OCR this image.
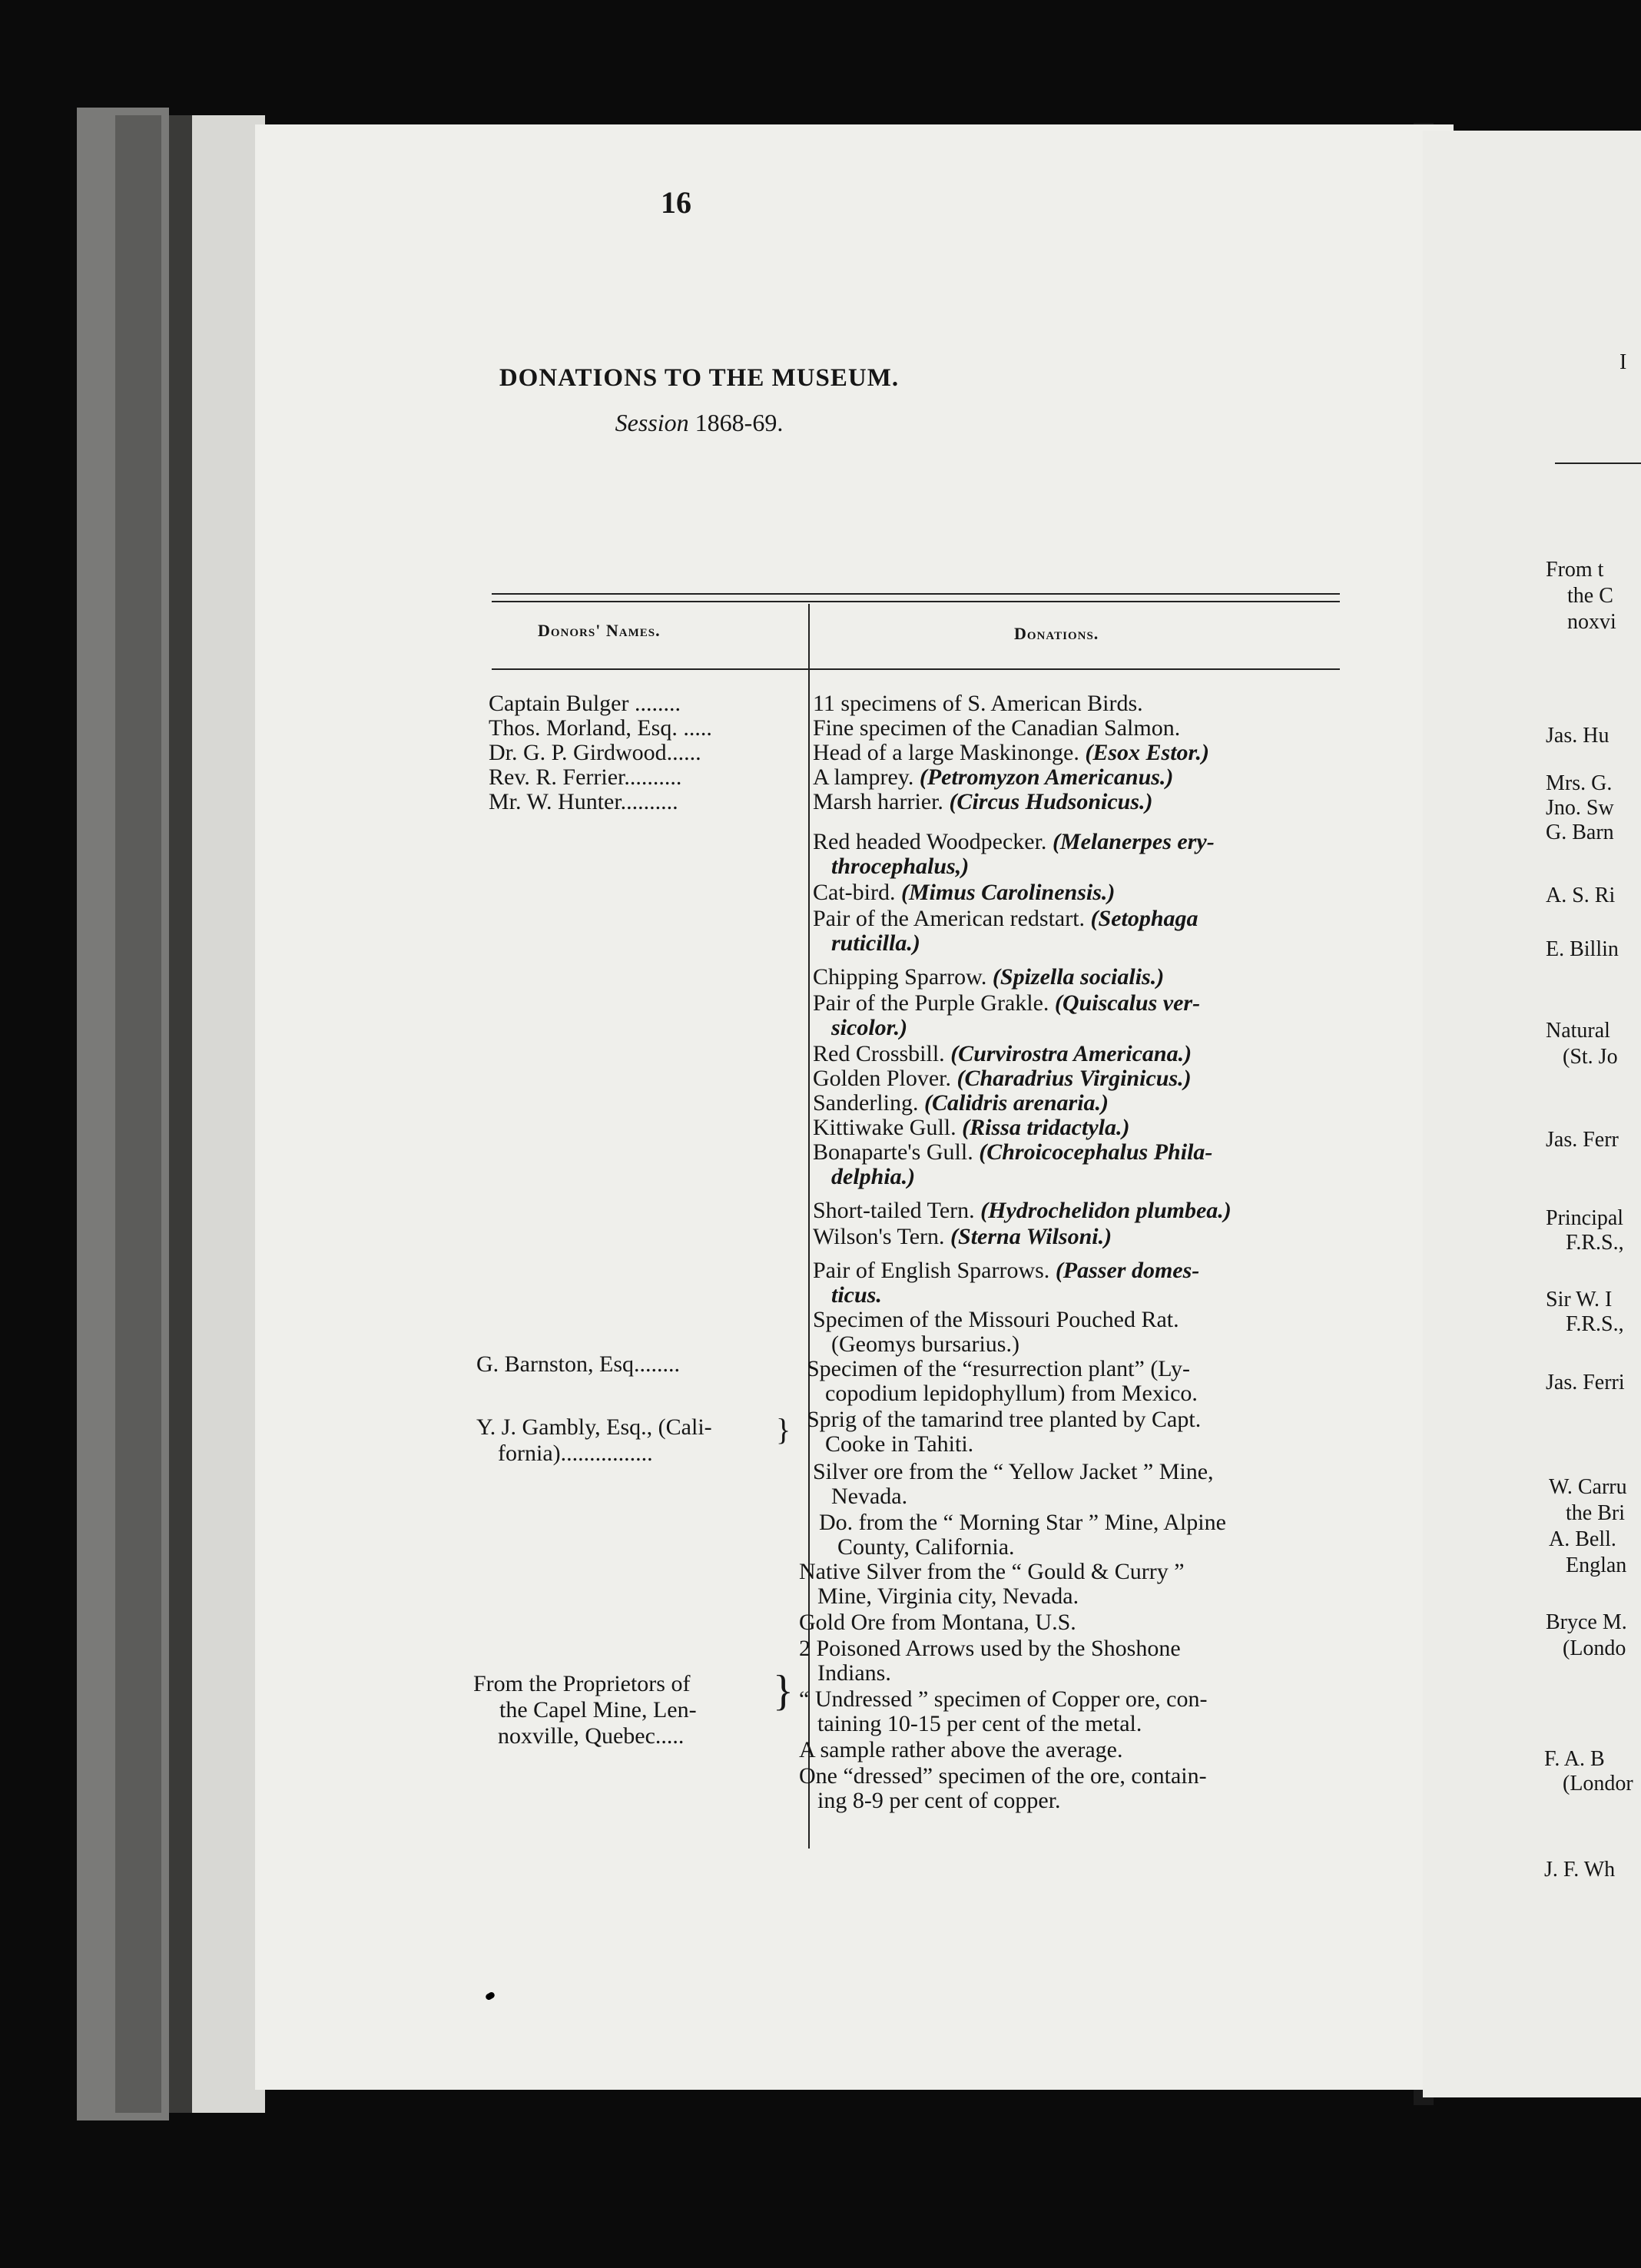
16
DONATIONS TO THE MUSEUM.
Session 1868-69.
Donors' Names.	Donations.
Captain Bulger ........
Thos. Morland, Esq. .....
Dr. G. P. Girdwood......
Rev. R. Ferrier..........
Mr. W. Hunter..........
G. Barnston, Esq........
Y. J. Gambly, Esq., (Cali-
fornia)................
}
From the Proprietors of
the Capel Mine, Len-
noxville, Quebec.....
}
11 specimens of S. American Birds.
Fine specimen of the Canadian Salmon.
Head of a large Maskinonge. (Esox Estor.)
A lamprey. (Petromyzon Americanus.)
Marsh harrier. (Circus Hudsonicus.)
Red headed Woodpecker. (Melanerpes ery-
throcephalus,)
Cat-bird. (Mimus Carolinensis.)
Pair of the American redstart. (Setophaga
ruticilla.)
Chipping Sparrow. (Spizella socialis.)
Pair of the Purple Grakle. (Quiscalus ver-
sicolor.)
Red Crossbill. (Curvirostra Americana.)
Golden Plover. (Charadrius Virginicus.)
Sanderling. (Calidris arenaria.)
Kittiwake Gull. (Rissa tridactyla.)
Bonaparte's Gull. (Chroicocephalus Phila-
delphia.)
Short-tailed Tern. (Hydrochelidon plumbea.)
Wilson's Tern. (Sterna Wilsoni.)
Pair of English Sparrows. (Passer domes-
ticus.
Specimen of the Missouri Pouched Rat.
(Geomys bursarius.)
Specimen of the “resurrection plant” (Ly-
copodium lepidophyllum) from Mexico.
Sprig of the tamarind tree planted by Capt.
Cooke in Tahiti.
Silver ore from the “ Yellow Jacket ” Mine,
Nevada.
Do. from the “ Morning Star ” Mine, Alpine
County, California.
Native Silver from the “ Gould & Curry ”
Mine, Virginia city, Nevada.
Gold Ore from Montana, U.S.
2 Poisoned Arrows used by the Shoshone
Indians.
“ Undressed ” specimen of Copper ore, con-
taining 10-15 per cent of the metal.
A sample rather above the average.
One “dressed” specimen of the ore, contain-
ing 8-9 per cent of copper.
From t
the C
noxvi
Jas. Hu
Mrs. G.
Jno. Sw
G. Barn
A. S. Ri
E. Billin
Natural
(St. Jo
Jas. Ferr
Principal
F.R.S.,
Sir W. I
F.R.S.,
Jas. Ferri
W. Carru
the Bri
A. Bell.
Englan
Bryce M.
(Londo
F. A. B
(Londor
J. F. Wh
I
